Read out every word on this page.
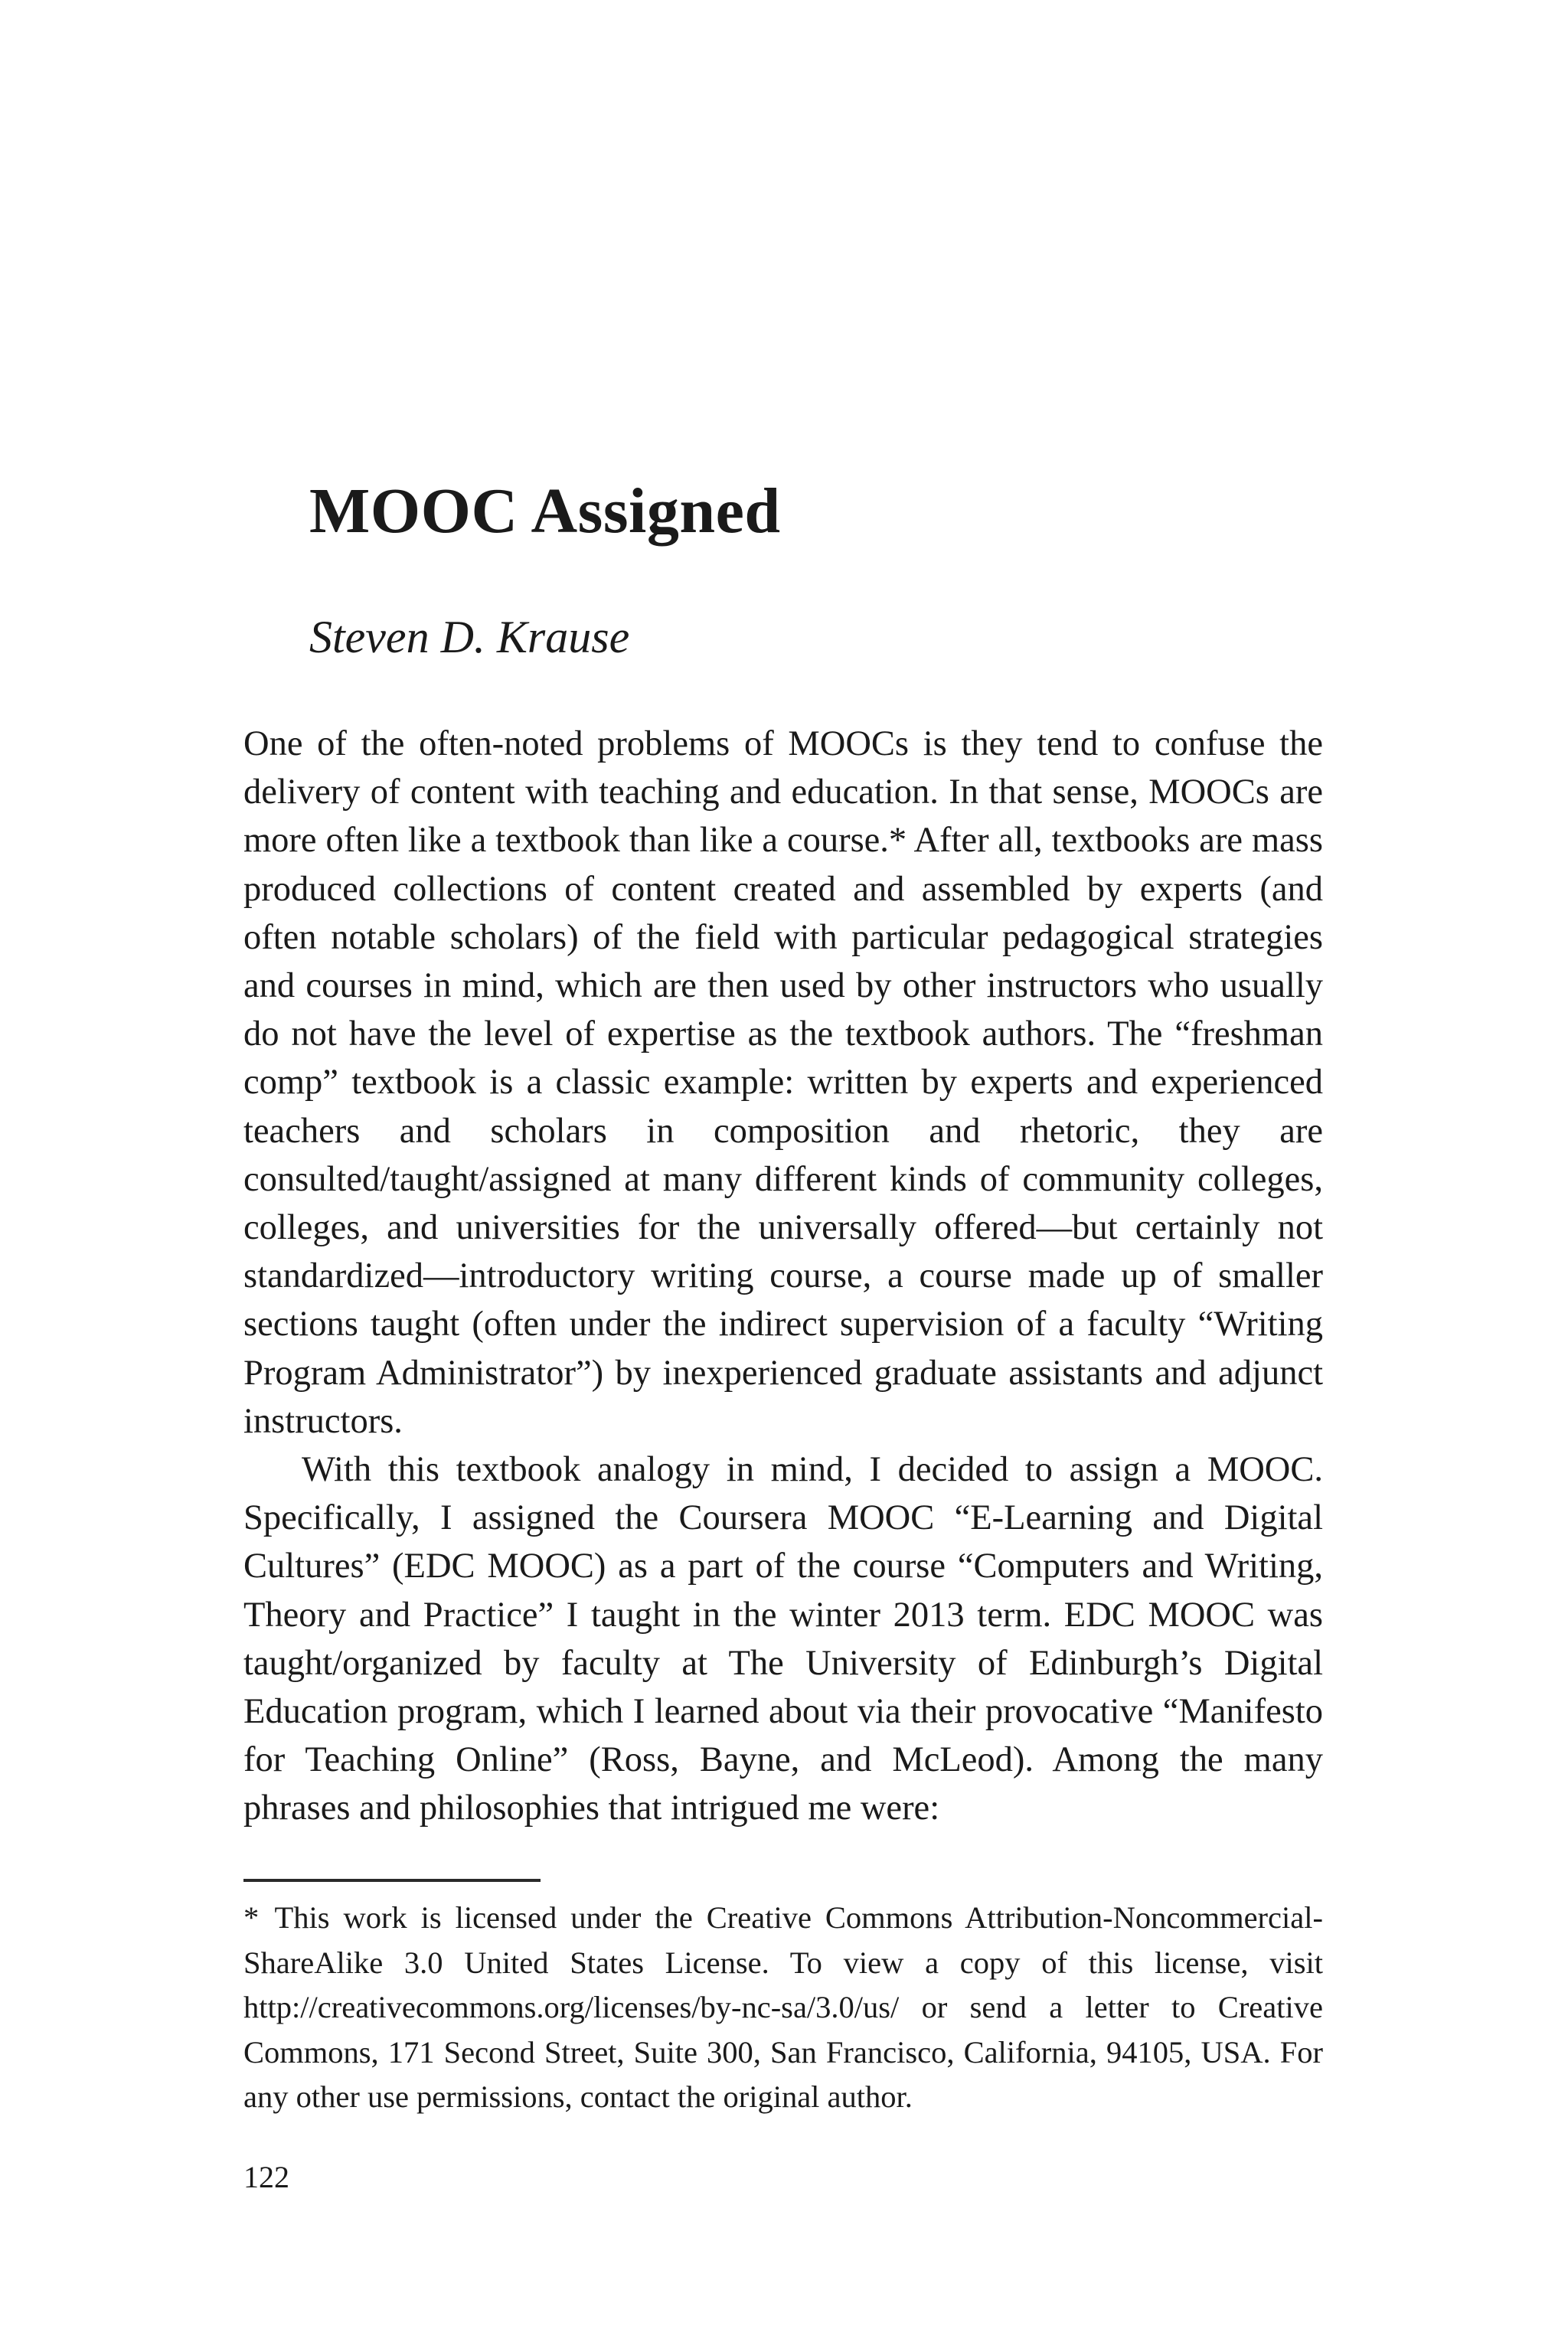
MOOC Assigned
Steven D. Krause

One of the often-noted problems of MOOCs is they tend to confuse the delivery of content with teaching and education. In that sense, MOOCs are more often like a textbook than like a course.* After all, textbooks are mass produced collections of content created and assembled by experts (and often notable scholars) of the field with particular pedagogical strategies and courses in mind, which are then used by other instructors who usually do not have the level of expertise as the textbook authors. The “freshman comp” textbook is a classic example: written by experts and experienced teachers and scholars in composition and rhetoric, they are consulted/taught/assigned at many different kinds of community colleges, colleges, and universities for the universally offered—but certainly not standardized—introductory writing course, a course made up of smaller sections taught (often under the indirect supervision of a faculty “Writing Program Administrator”) by inexperienced graduate assistants and adjunct instructors.

With this textbook analogy in mind, I decided to assign a MOOC. Specifically, I assigned the Coursera MOOC “E-Learning and Digital Cultures” (EDC MOOC) as a part of the course “Computers and Writing, Theory and Practice” I taught in the winter 2013 term. EDC MOOC was taught/organized by faculty at The University of Edinburgh’s Digital Education program, which I learned about via their provocative “Manifesto for Teaching Online” (Ross, Bayne, and McLeod). Among the many phrases and philosophies that intrigued me were:

* This work is licensed under the Creative Commons Attribution-Noncommercial-ShareAlike 3.0 United States License. To view a copy of this license, visit http://creativecommons.org/licenses/by-nc-sa/3.0/us/ or send a letter to Creative Commons, 171 Second Street, Suite 300, San Francisco, California, 94105, USA. For any other use permissions, contact the original author.

122
